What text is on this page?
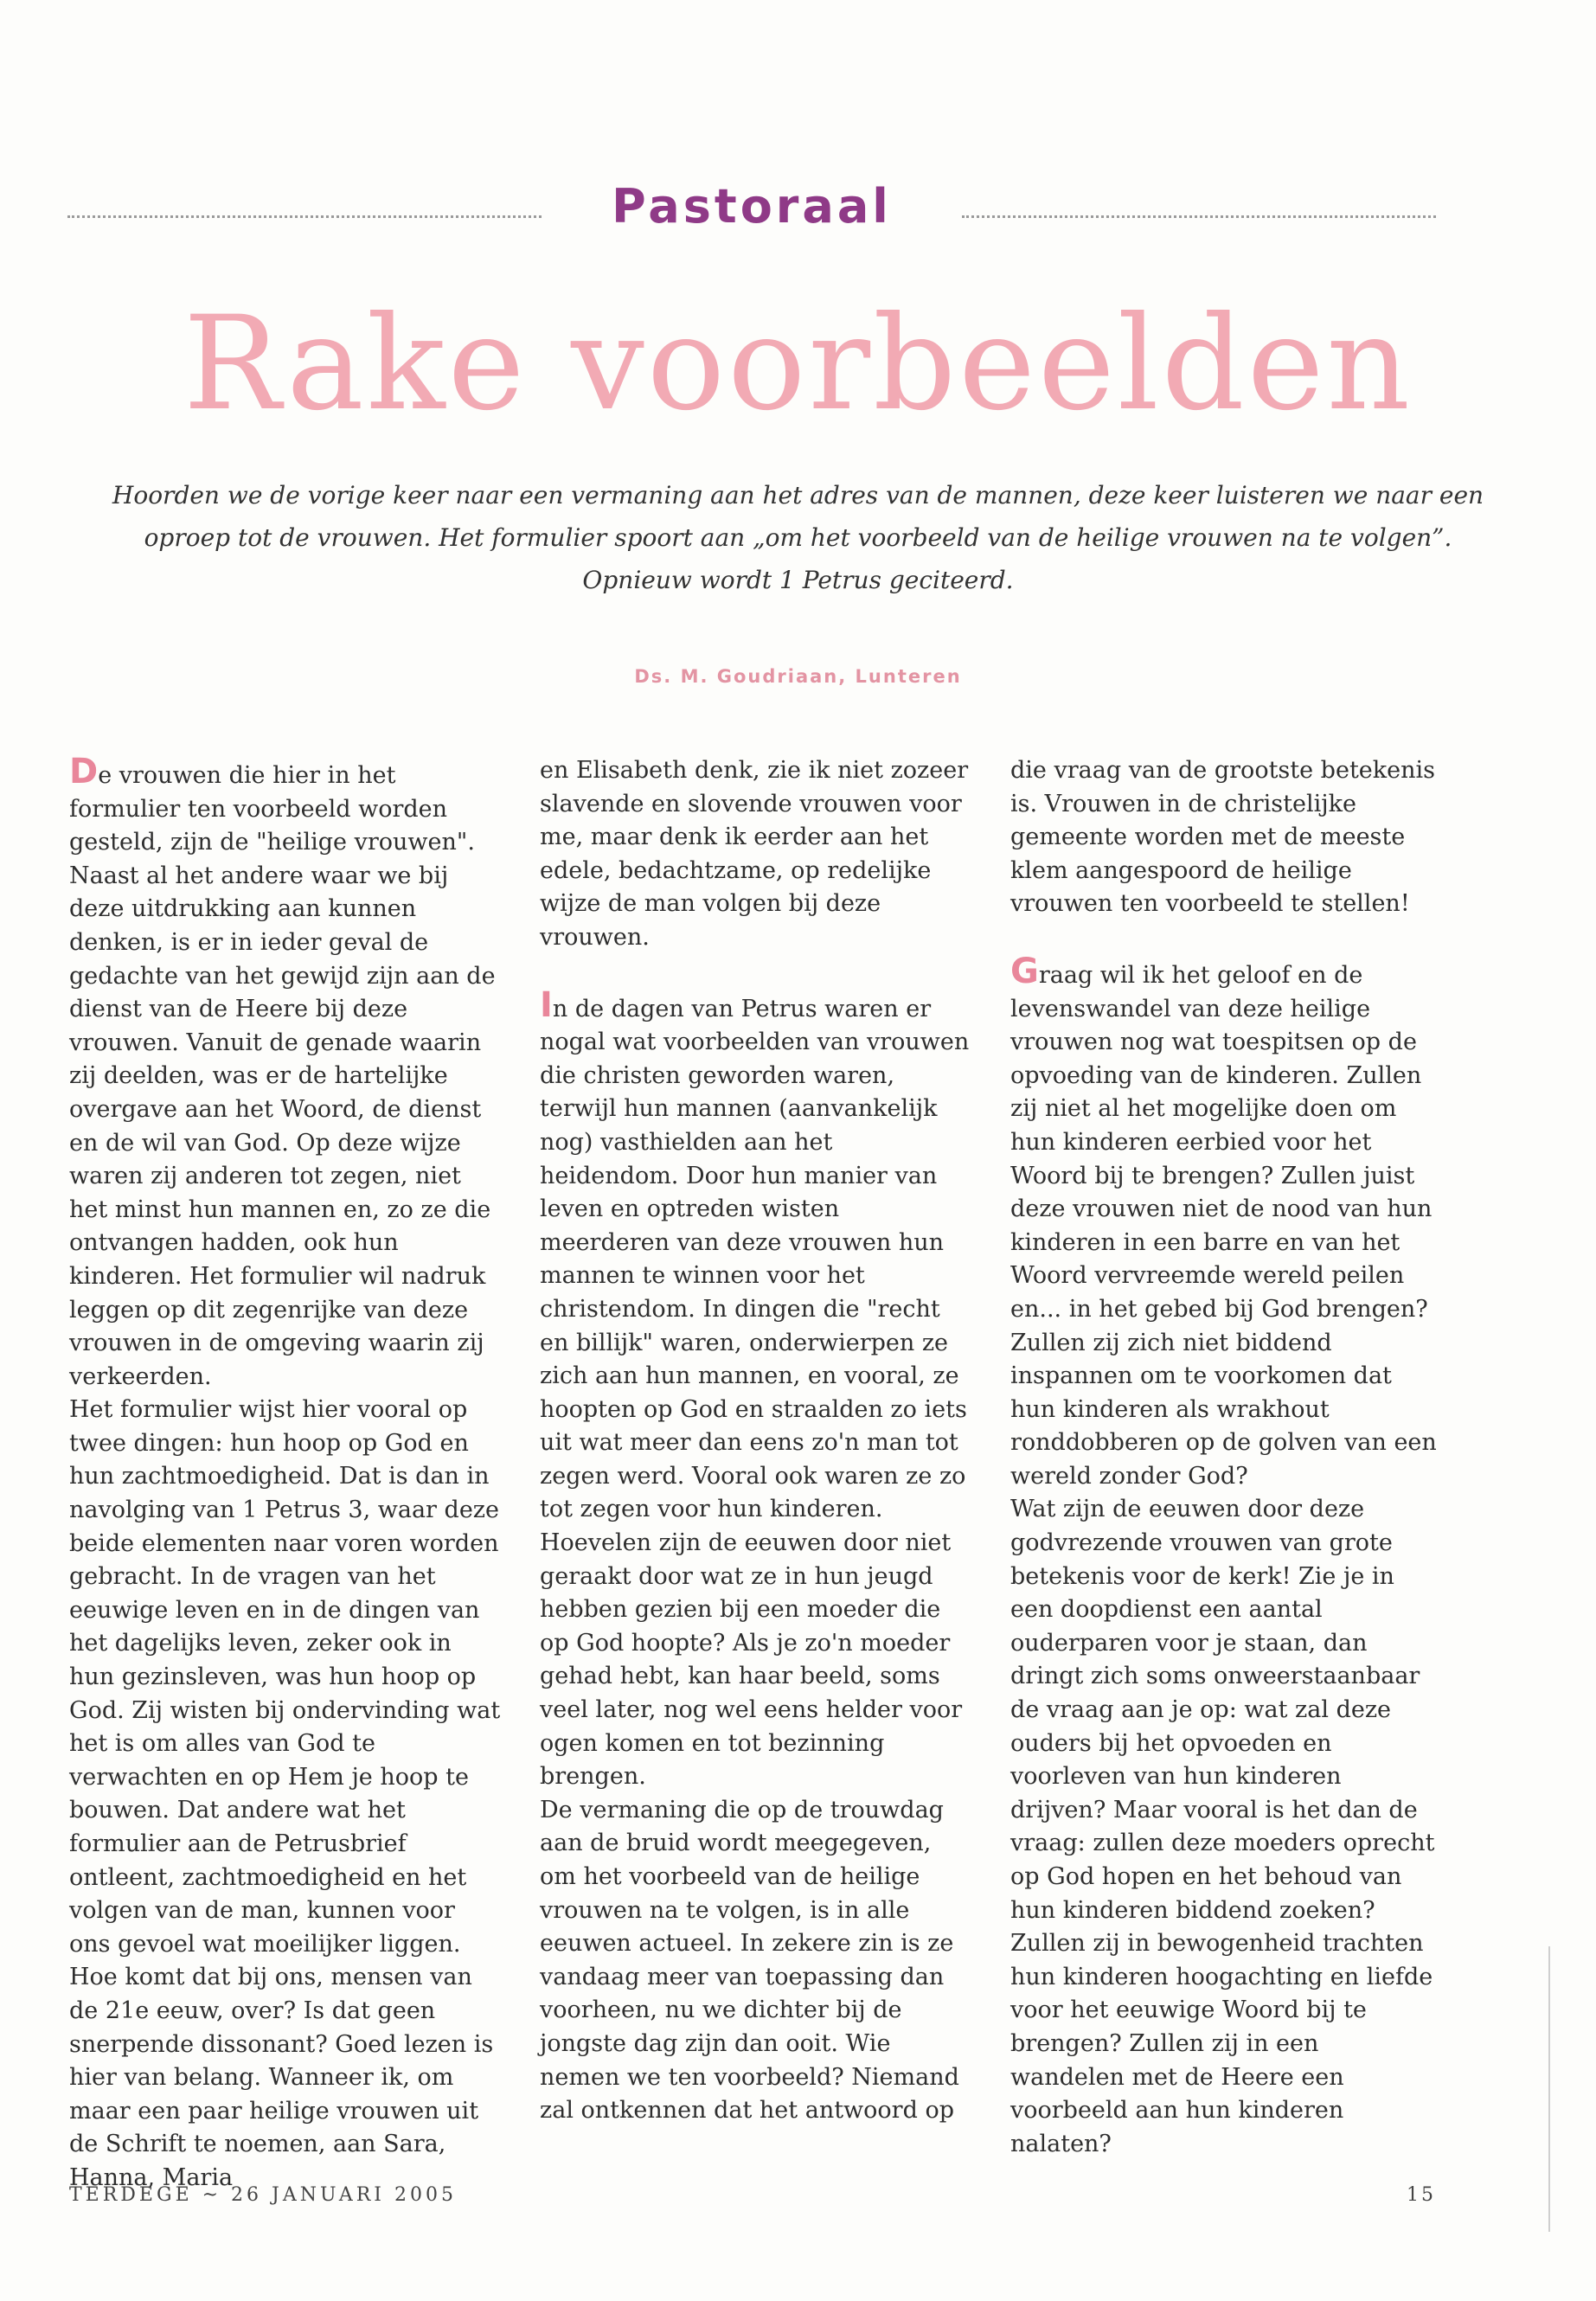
Pastoraal
Rake voorbeelden

Hoorden we de vorige keer naar een vermaning aan het adres van de mannen, deze keer luisteren we naar een

oproep tot de vrouwen. Het formulier spoort aan „om het voorbeeld van de heilige vrouwen na te volgen”.

Opnieuw wordt 1 Petrus geciteerd.

Ds. M. Goudriaan, Lunteren

De vrouwen die hier in het formulier ten voorbeeld worden gesteld, zijn de "heilige vrouwen". Naast al het andere waar we bij deze uitdrukking aan kunnen denken, is er in ieder geval de gedachte van het gewijd zijn aan de dienst van de Heere bij deze vrouwen. Vanuit de genade waarin zij deelden, was er de hartelijke overgave aan het Woord, de dienst en de wil van God. Op deze wijze waren zij anderen tot zegen, niet het minst hun mannen en, zo ze die ontvangen hadden, ook hun kinderen. Het formulier wil nadruk leggen op dit zegenrijke van deze vrouwen in de omgeving waarin zij verkeerden.

Het formulier wijst hier vooral op twee dingen: hun hoop op God en hun zachtmoedigheid. Dat is dan in navolging van 1 Petrus 3, waar deze beide elementen naar voren worden gebracht. In de vragen van het eeuwige leven en in de dingen van het dagelijks leven, zeker ook in hun gezinsleven, was hun hoop op God. Zij wisten bij ondervinding wat het is om alles van God te verwachten en op Hem je hoop te bouwen. Dat andere wat het formulier aan de Petrusbrief ontleent, zachtmoedigheid en het volgen van de man, kunnen voor ons gevoel wat moeilijker liggen. Hoe komt dat bij ons, mensen van de 21e eeuw, over? Is dat geen snerpende dissonant? Goed lezen is hier van belang. Wanneer ik, om maar een paar heilige vrouwen uit de Schrift te noemen, aan Sara, Hanna, Maria

en Elisabeth denk, zie ik niet zozeer slavende en slovende vrouwen voor me, maar denk ik eerder aan het edele, bedachtzame, op redelijke wijze de man volgen bij deze vrouwen.

In de dagen van Petrus waren er nogal wat voorbeelden van vrouwen die christen geworden waren, terwijl hun mannen (aanvankelijk nog) vasthielden aan het heidendom. Door hun manier van leven en optreden wisten meerderen van deze vrouwen hun mannen te winnen voor het christendom. In dingen die "recht en billijk" waren, onderwierpen ze zich aan hun mannen, en vooral, ze hoopten op God en straalden zo iets uit wat meer dan eens zo'n man tot zegen werd. Vooral ook waren ze zo tot zegen voor hun kinderen. Hoevelen zijn de eeuwen door niet geraakt door wat ze in hun jeugd hebben gezien bij een moeder die op God hoopte? Als je zo'n moeder gehad hebt, kan haar beeld, soms veel later, nog wel eens helder voor ogen komen en tot bezinning brengen.

De vermaning die op de trouwdag aan de bruid wordt meegegeven, om het voorbeeld van de heilige vrouwen na te volgen, is in alle eeuwen actueel. In zekere zin is ze vandaag meer van toepassing dan voorheen, nu we dichter bij de jongste dag zijn dan ooit. Wie nemen we ten voorbeeld? Niemand zal ontkennen dat het antwoord op

die vraag van de grootste betekenis is. Vrouwen in de christelijke gemeente worden met de meeste klem aangespoord de heilige vrouwen ten voorbeeld te stellen!

Graag wil ik het geloof en de levenswandel van deze heilige vrouwen nog wat toespitsen op de opvoeding van de kinderen. Zullen zij niet al het mogelijke doen om hun kinderen eerbied voor het Woord bij te brengen? Zullen juist deze vrouwen niet de nood van hun kinderen in een barre en van het Woord vervreemde wereld peilen en... in het gebed bij God brengen? Zullen zij zich niet biddend inspannen om te voorkomen dat hun kinderen als wrakhout ronddobberen op de golven van een wereld zonder God?

Wat zijn de eeuwen door deze godvrezende vrouwen van grote betekenis voor de kerk! Zie je in een doopdienst een aantal ouderparen voor je staan, dan dringt zich soms onweerstaanbaar de vraag aan je op: wat zal deze ouders bij het opvoeden en voorleven van hun kinderen drijven? Maar vooral is het dan de vraag: zullen deze moeders oprecht op God hopen en het behoud van hun kinderen biddend zoeken? Zullen zij in bewogenheid trachten hun kinderen hoogachting en liefde voor het eeuwige Woord bij te brengen? Zullen zij in een wandelen met de Heere een voorbeeld aan hun kinderen nalaten?

TERDEGE ~ 26 JANUARI 2005	15
